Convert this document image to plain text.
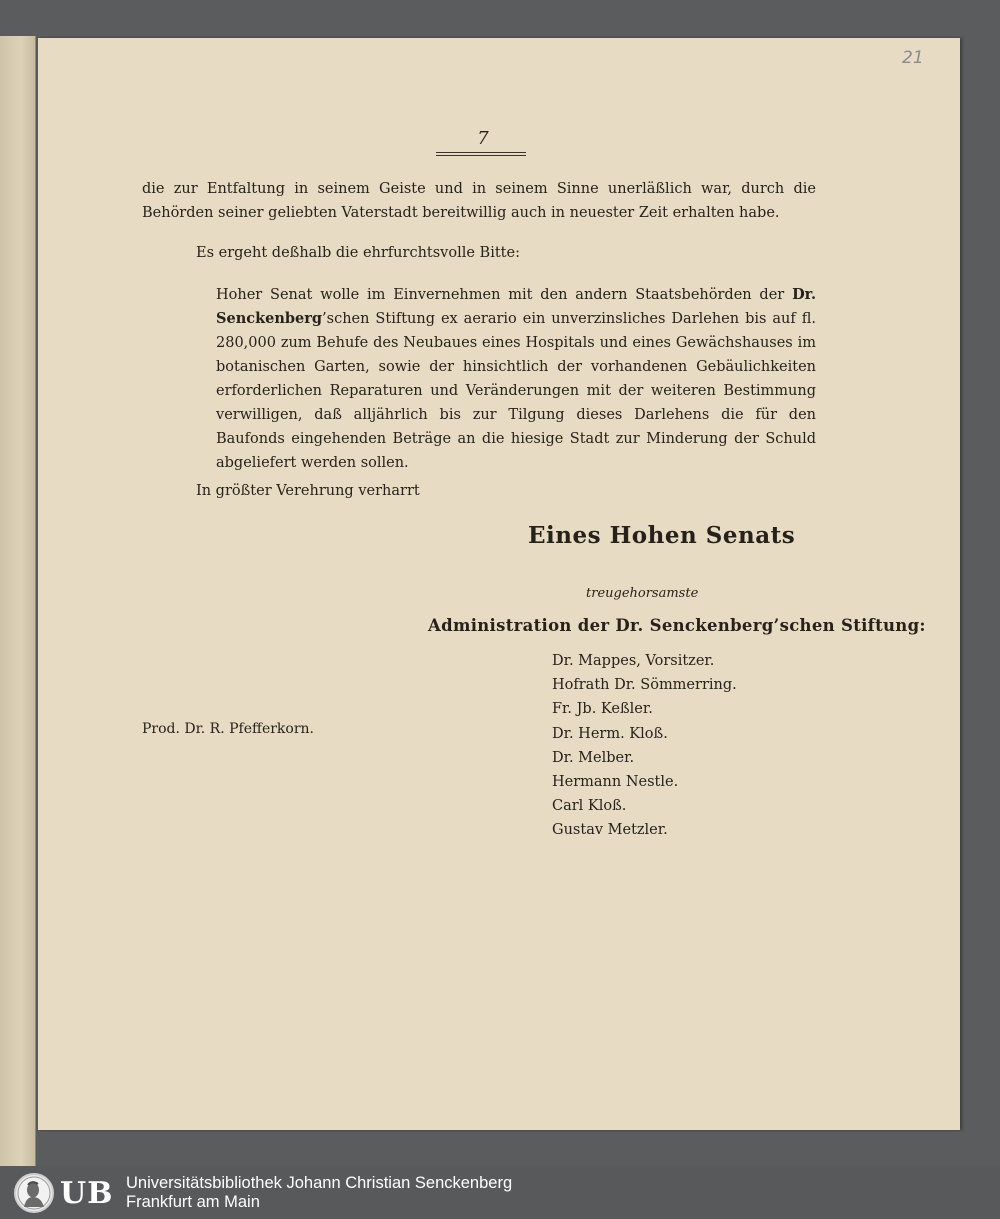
21
7

die zur Entfaltung in seinem Geiste und in seinem Sinne unerläßlich war, durch die Behörden seiner geliebten Vaterstadt bereitwillig auch in neuester Zeit erhalten habe.

Es ergeht deßhalb die ehrfurchtsvolle Bitte:

Hoher Senat wolle im Einvernehmen mit den andern Staatsbehörden der Dr. Senckenberg’schen Stiftung ex aerario ein unverzinsliches Darlehen bis auf fl. 280,000 zum Behufe des Neubaues eines Hospitals und eines Gewächshauses im botanischen Garten, sowie der hinsichtlich der vorhandenen Gebäulichkeiten erforderlichen Reparaturen und Veränderungen mit der weiteren Bestimmung verwilligen, daß alljährlich bis zur Tilgung dieses Darlehens die für den Baufonds eingehenden Beträge an die hiesige Stadt zur Minderung der Schuld abgeliefert werden sollen.

In größter Verehrung verharrt

Eines Hohen Senats
treugehorsamste
Administration der Dr. Senckenberg’schen Stiftung:
Dr. Mappes, Vorsitzer.
Hofrath Dr. Sömmerring.
Fr. Jb. Keßler.
Dr. Herm. Kloß.
Dr. Melber.
Hermann Nestle.
Carl Kloß.
Gustav Metzler.
Prod. Dr. R. Pfefferkorn.
UB Universitätsbibliothek Johann Christian Senckenberg
Frankfurt am Main
